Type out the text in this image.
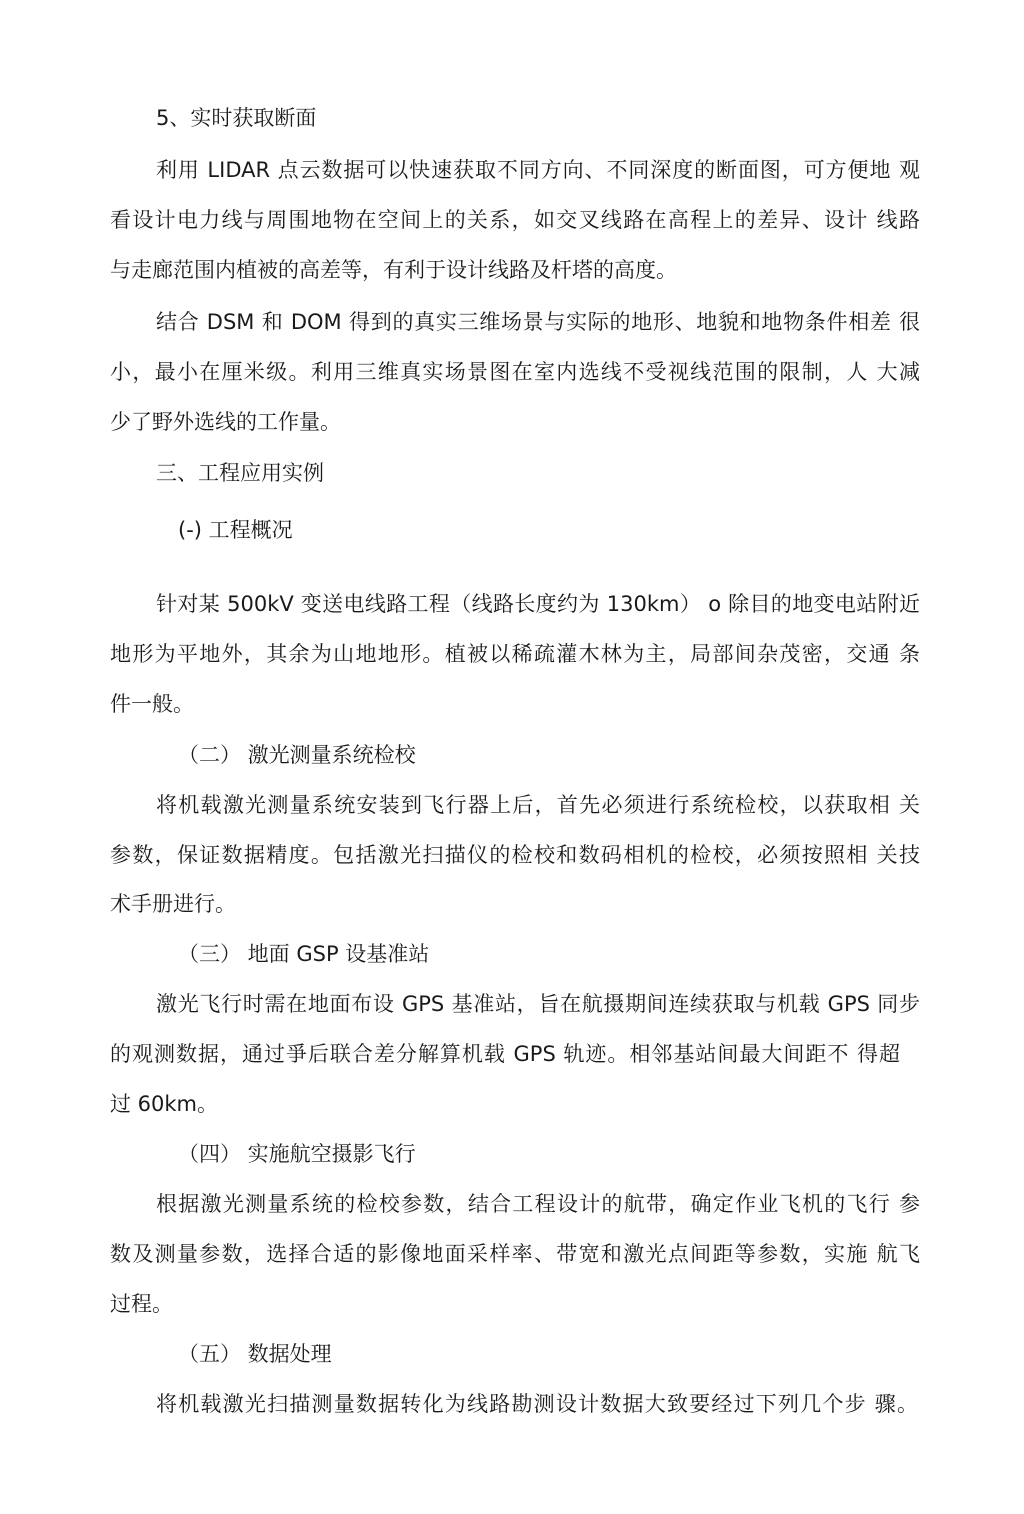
5、实时获取断面
利用 LIDAR 点云数据可以快速获取不同方向、不同深度的断面图，可方便地 观
看设计电力线与周围地物在空间上的关系，如交叉线路在高程上的差异、设计 线路
与走廊范围内植被的高差等，有利于设计线路及杆塔的高度。
结合 DSM 和 DOM 得到的真实三维场景与实际的地形、地貌和地物条件相差 很
小，最小在厘米级。利用三维真实场景图在室内选线不受视线范围的限制，人 大减
少了野外选线的工作量。
三、工程应用实例
(-) 工程概况
针对某 500kV 变送电线路工程（线路长度约为 130km） o 除目的地变电站附近
地形为平地外，其余为山地地形。植被以稀疏灌木林为主，局部间杂茂密，交通 条
件一般。
（二） 激光测量系统检校
将机载激光测量系统安装到飞行器上后，首先必须进行系统检校，以获取相 关
参数，保证数据精度。包括激光扫描仪的检校和数码相机的检校，必须按照相 关技
术手册进行。
（三） 地面 GSP 设基准站
激光飞行时需在地面布设 GPS 基准站，旨在航摄期间连续获取与机载 GPS 同步
的观测数据，通过爭后联合差分解算机载 GPS 轨迹。相邻基站间最大间距不 得超
过 60km。
（四） 实施航空摄影飞行
根据激光测量系统的检校参数，结合工程设计的航带，确定作业飞机的飞行 参
数及测量参数，选择合适的影像地面采样率、带宽和激光点间距等参数，实施 航飞
过程。
（五） 数据处理
将机载激光扫描测量数据转化为线路勘测设计数据大致要经过下列几个步 骤。
